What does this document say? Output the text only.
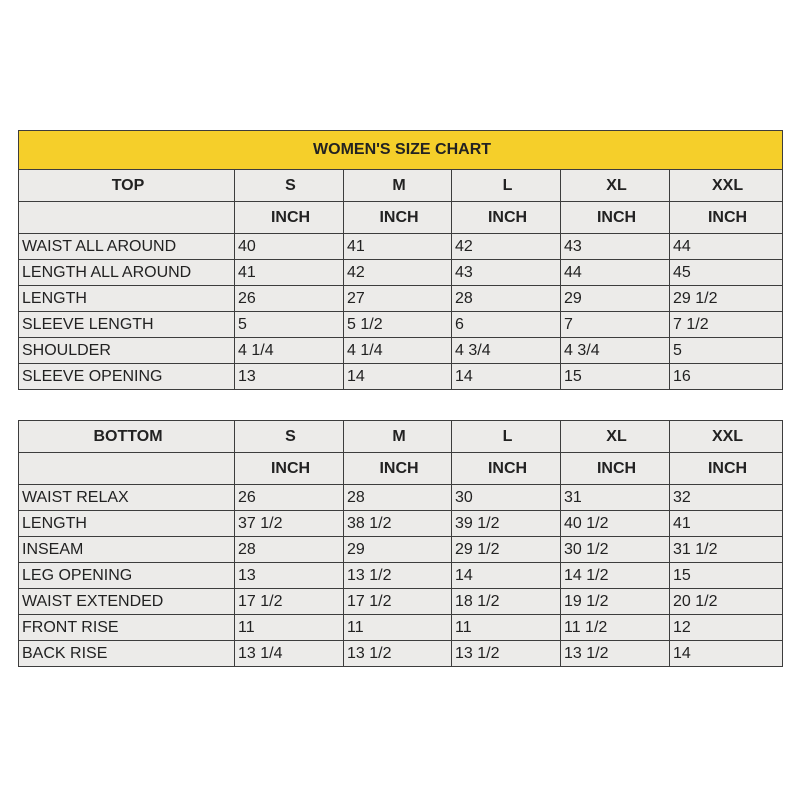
WOMEN'S SIZE CHART					
TOP	S	M	L	XL	XXL
	INCH	INCH	INCH	INCH	INCH
WAIST ALL AROUND	40	41	42	43	44
LENGTH ALL AROUND	41	42	43	44	45
LENGTH	26	27	28	29	29 1/2
SLEEVE LENGTH	5	5 1/2	6	7	7 1/2
SHOULDER	4 1/4	4 1/4	4 3/4	4 3/4	5
SLEEVE OPENING	13	14	14	15	16
BOTTOM	S	M	L	XL	XXL
	INCH	INCH	INCH	INCH	INCH
WAIST RELAX	26	28	30	31	32
LENGTH	37 1/2	38 1/2	39 1/2	40 1/2	41
INSEAM	28	29	29 1/2	30 1/2	31 1/2
LEG OPENING	13	13 1/2	14	14 1/2	15
WAIST EXTENDED	17 1/2	17 1/2	18 1/2	19 1/2	20 1/2
FRONT RISE	11	11	11	11 1/2	12
BACK RISE	13 1/4	13 1/2	13 1/2	13 1/2	14
